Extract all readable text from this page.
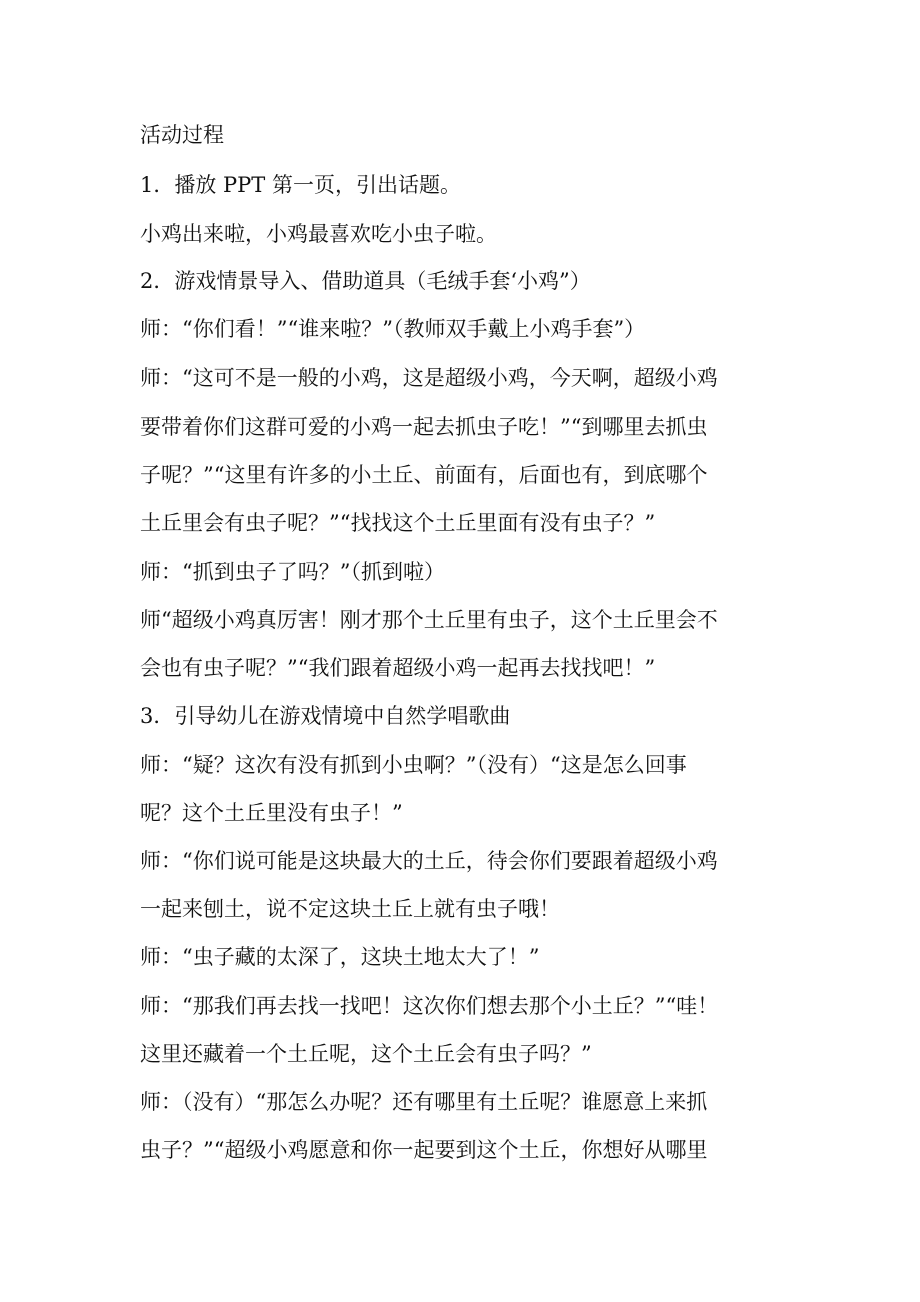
活动过程
1．播放 PPT 第一页，引出话题。
小鸡出来啦，小鸡最喜欢吃小虫子啦。
2．游戏情景导入、借助道具（毛绒手套‘小鸡”）
师：“你们看！”“谁来啦？”（教师双手戴上小鸡手套”）
师：“这可不是一般的小鸡，这是超级小鸡，今天啊，超级小鸡
要带着你们这群可爱的小鸡一起去抓虫子吃！”“到哪里去抓虫
子呢？”“这里有许多的小土丘、前面有，后面也有，到底哪个
土丘里会有虫子呢？”“找找这个土丘里面有没有虫子？”
师：“抓到虫子了吗？”（抓到啦）
师“超级小鸡真厉害！刚才那个土丘里有虫子，这个土丘里会不
会也有虫子呢？”“我们跟着超级小鸡一起再去找找吧！”
3．引导幼儿在游戏情境中自然学唱歌曲
师：“疑？这次有没有抓到小虫啊？”（没有）“这是怎么回事
呢？这个土丘里没有虫子！”
师：“你们说可能是这块最大的土丘，待会你们要跟着超级小鸡
一起来刨土，说不定这块土丘上就有虫子哦！
师：“虫子藏的太深了，这块土地太大了！”
师：“那我们再去找一找吧！这次你们想去那个小土丘？”“哇！
这里还藏着一个土丘呢，这个土丘会有虫子吗？”
师：（没有）“那怎么办呢？还有哪里有土丘呢？谁愿意上来抓
虫子？”“超级小鸡愿意和你一起要到这个土丘，你想好从哪里
